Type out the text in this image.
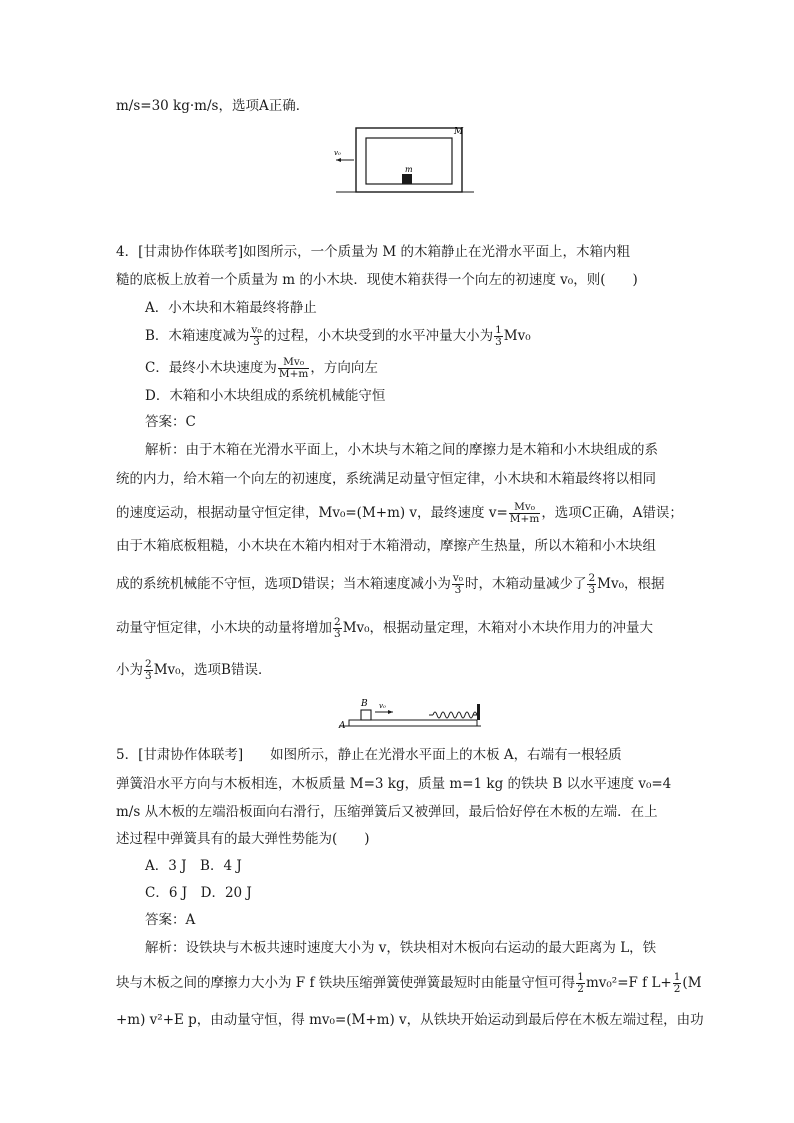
m/s=30 kg·m/s，选项A正确．
M
m
v₀
4．[甘肃协作体联考]如图所示，一个质量为 M 的木箱静止在光滑水平面上，木箱内粗
糙的底板上放着一个质量为 m 的小木块．现使木箱获得一个向左的初速度 v₀，则(　　)
A．小木块和木箱最终将静止
B．木箱速度减为 $\frac{\text{v₀}}{3}$ 的过程，小木块受到的水平冲量大小为 $\frac{1}{3} Mv_0$
C．最终小木块速度为 $\frac{\text{Mv₀}}{M+m}$ ，方向向左
D．木箱和小木块组成的系统机械能守恒
答案：C
解析：由于木箱在光滑水平面上，小木块与木箱之间的摩擦力是木箱和小木块组成的系
统的内力，给木箱一个向左的初速度，系统满足动量守恒定律，小木块和木箱最终将以相同
的速度运动，根据动量守恒定律，Mv₀=(M+m) v，最终速度 $v= \frac{\text{Mv₀}}{M+m}$ ，选项C正确，A错误；
由于木箱底板粗糙，小木块在木箱内相对于木箱滑动，摩擦产生热量，所以木箱和小木块组
成的系统机械能不守恒，选项D错误；当木箱速度减小为 $\frac{\text{v₀}}{3}$ 时，木箱动量减少了 $\frac{2}{3} Mv_0$，根据
动量守恒定律，小木块的动量将增加 $\frac{2}{3} Mv_0$，根据动量定理，木箱对小木块作用力的冲量大
小为 $\frac{2}{3} Mv_0$，选项B错误．
A
B v₀
5．[甘肃协作体联考]　　如图所示，静止在光滑水平面上的木板 A，右端有一根轻质
弹簧沿水平方向与木板相连，木板质量 M=3 kg，质量 m=1 kg 的铁块 B 以水平速度 v₀=4
m/s 从木板的左端沿板面向右滑行，压缩弹簧后又被弹回，最后恰好停在木板的左端．在上
述过程中弹簧具有的最大弹性势能为(　　)
A．3 J　B．4 J
C．6 J　D．20 J
答案：A
解析：设铁块与木板共速时速度大小为 v，铁块相对木板向右运动的最大距离为 L，铁
块与木板之间的摩擦力大小为 F f 铁块压缩弹簧使弹簧最短时由能量守恒可得 $\frac{1}{2} mv_0^2=F$ f $L+ \frac{1}{2} (M$
+m) v²+E p，由动量守恒，得 mv₀=(M+m) v，从铁块开始运动到最后停在木板左端过程，由功
